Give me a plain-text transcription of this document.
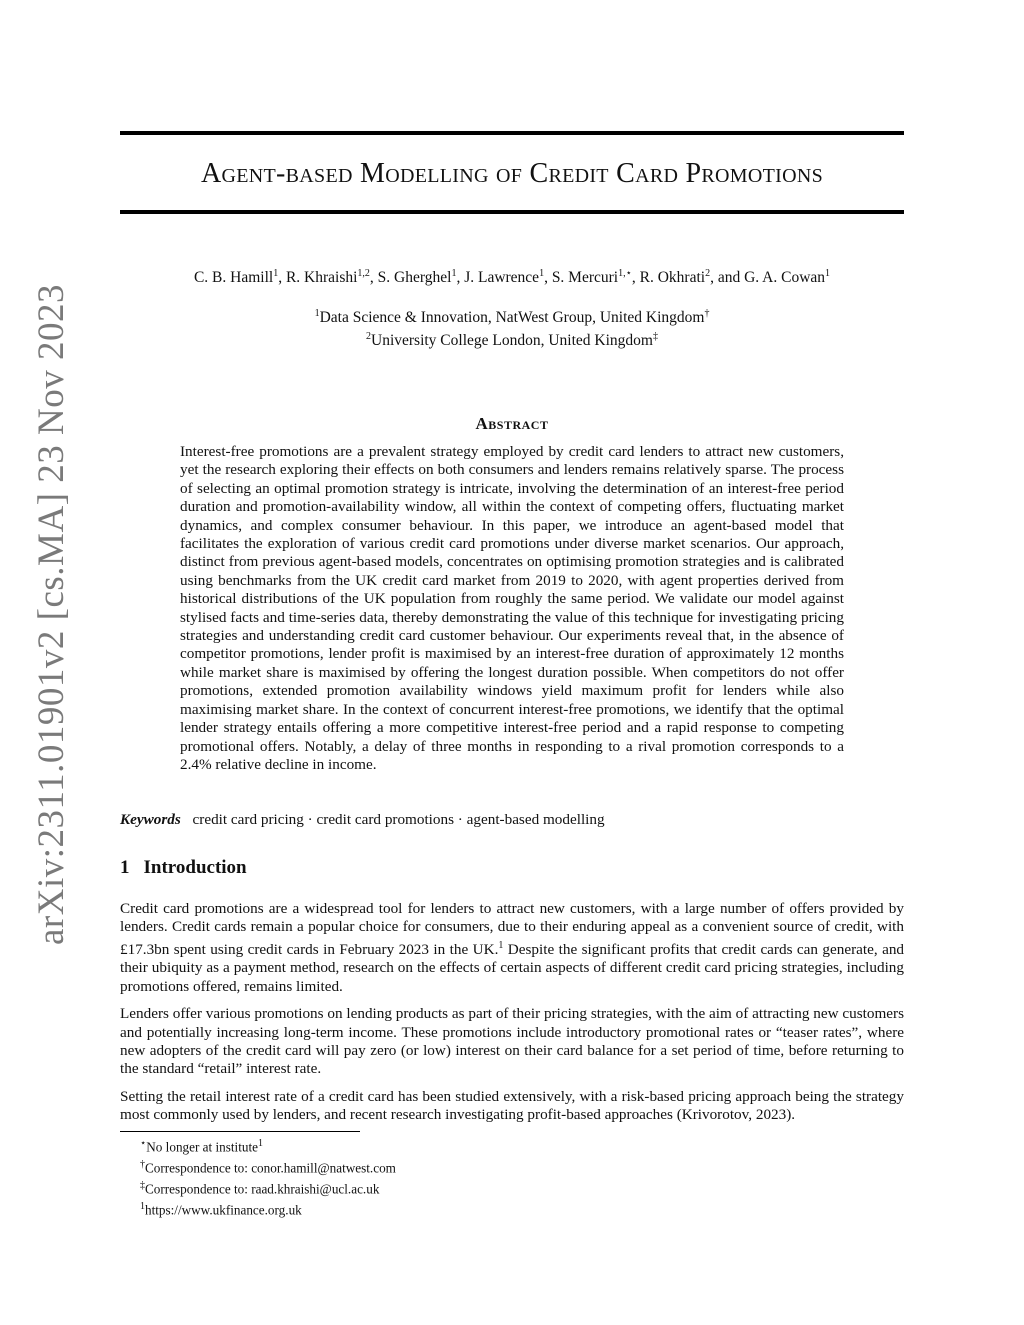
arXiv:2311.01901v2 [cs.MA] 23 Nov 2023
Agent-based Modelling of Credit Card Promotions
C. B. Hamill$^1$, R. Khraishi$^{1,2}$, S. Gherghel$^1$, J. Lawrence$^1$, S. Mercuri$^{1,⋆}$, R. Okhrati$^2$, and G. A. Cowan$^1$
$^1$Data Science & Innovation, NatWest Group, United Kingdom†
$^2$University College London, United Kingdom‡
Abstract

Interest-free promotions are a prevalent strategy employed by credit card lenders to attract new customers, yet the research exploring their effects on both consumers and lenders remains relatively sparse. The process of selecting an optimal promotion strategy is intricate, involving the determination of an interest-free period duration and promotion-availability window, all within the context of competing offers, fluctuating market dynamics, and complex consumer behaviour. In this paper, we introduce an agent-based model that facilitates the exploration of various credit card promotions under diverse market scenarios. Our approach, distinct from previous agent-based models, concentrates on optimising promotion strategies and is calibrated using benchmarks from the UK credit card market from 2019 to 2020, with agent properties derived from historical distributions of the UK population from roughly the same period. We validate our model against stylised facts and time-series data, thereby demonstrating the value of this technique for investigating pricing strategies and understanding credit card customer behaviour. Our experiments reveal that, in the absence of competitor promotions, lender profit is maximised by an interest-free duration of approximately 12 months while market share is maximised by offering the longest duration possible. When competitors do not offer promotions, extended promotion availability windows yield maximum profit for lenders while also maximising market share. In the context of concurrent interest-free promotions, we identify that the optimal lender strategy entails offering a more competitive interest-free period and a rapid response to competing promotional offers. Notably, a delay of three months in responding to a rival promotion corresponds to a 2.4% relative decline in income.

Keywords credit card pricing · credit card promotions · agent-based modelling
1 Introduction

Credit card promotions are a widespread tool for lenders to attract new customers, with a large number of offers provided by lenders. Credit cards remain a popular choice for consumers, due to their enduring appeal as a convenient source of credit, with £17.3bn spent using credit cards in February 2023 in the UK.$^1$ Despite the significant profits that credit cards can generate, and their ubiquity as a payment method, research on the effects of certain aspects of different credit card pricing strategies, including promotions offered, remains limited.

Lenders offer various promotions on lending products as part of their pricing strategies, with the aim of attracting new customers and potentially increasing long-term income. These promotions include introductory promotional rates or “teaser rates”, where new adopters of the credit card will pay zero (or low) interest on their card balance for a set period of time, before returning to the standard “retail” interest rate.

Setting the retail interest rate of a credit card has been studied extensively, with a risk-based pricing approach being the strategy most commonly used by lenders, and recent research investigating profit-based approaches (Krivorotov, 2023).

⋆No longer at institute$^1$
†Correspondence to: conor.hamill@natwest.com
‡Correspondence to: raad.khraishi@ucl.ac.uk
$^1$https://www.ukfinance.org.uk
